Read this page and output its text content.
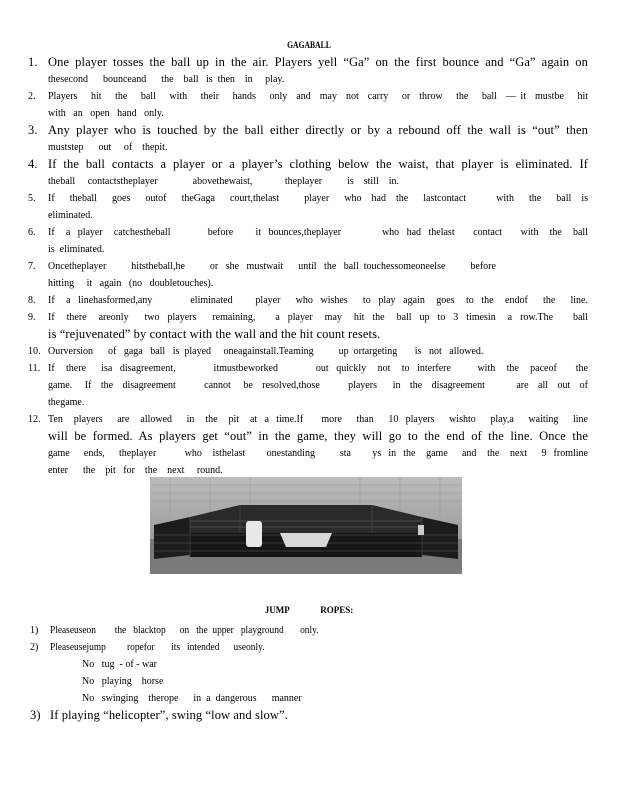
GAGABALL
1. One player tosses the ball up in the air. Players yell “Ga” on the first bounce and “Ga” again on
thesecond      bounceand      the    ball   is  then    in     play.
2. Players   hit   the   ball   with   their   hands   only  and  may  not  carry   or  throw   the   ball  — it  mustbe   hit
with   an   open   hand   only.
3. Any player who is touched by the ball either directly or by a rebound off the wall is “out” then
muststep      out     of    thepit.
4. If the ball contacts a player or a player’s clothing below the waist, that player is eliminated. If
theball     contactstheplayer              abovethewaist,             theplayer          is    still    in.
5. If   theball   goes   outof   theGaga   court,thelast     player   who  had  the   lastcontact      with   the   ball  is
eliminated.
6. If   a  player   catchestheball          before      it  bounces,theplayer           who  had  thelast     contact     with   the   ball
is  eliminated.
7. Oncetheplayer          hitstheball,he          or   she   mustwait      until   the   ball  touchessomeoneelse          before
hitting     it   again   (no   doubletouches).
8. If   a  linehasformed,any          eliminated      player    who  wishes    to  play  again   goes   to  the   endof    the    line.
9. If   there   areonly    two  players    remaining,     a  player   may   hit  the   ball  up  to  3  timesin   a  row.The     ball
is “rejuvenated” by contact with the wall and the hit count resets.
10. Ourversion      of   gaga   ball   is  played     oneagainstall.Teaming          up  ortargeting       is   not   allowed.
11. If   there    isa  disagreement,          itmustbeworked          out  quickly   not   to  interfere       with   the   paceof     the
game.    If   the   disagreement         cannot    be   resolved,those         players     in   the   disagreement          are   all   out   of
thegame.
12. Ten   players    are   allowed    in   the   pit   at  a  time.If     more    than    10  players    wishto    play,a    waiting    line
will be formed. As players get “out” in the game, they will go to the end of the line. Once the
game    ends,    theplayer        who   isthelast      onestanding       sta      ys  in  the   game    and   the   next    9  fromline
enter      the    pit   for    the    next     round.
JUMP	ROPES:
1) Pleaseuseon        the   blacktop      on   the  upper   playground       only.
2) Pleaseusejump         ropefor       its   intended      useonly.
No   tug  - of - war
No   playing    horse
No   swinging    therope      in  a  dangerous      manner
3) If playing “helicopter”, swing “low and slow”.
